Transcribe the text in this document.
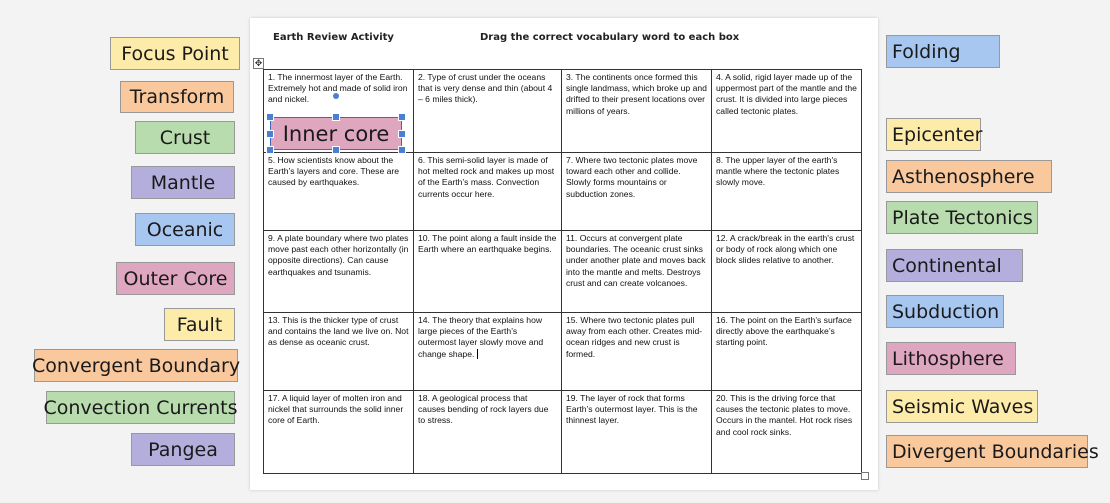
Earth Review Activity	Drag the correct vocabulary word to each box
✥
1. The innermost layer of the Earth. Extremely hot and made of solid iron and nickel.	2. Type of crust under the oceans that is very dense and thin (about 4 – 6 miles thick).	3. The continents once formed this single landmass, which broke up and drifted to their present locations over millions of years.	4. A solid, rigid layer made up of the uppermost part of the mantle and the crust. It is divided into large pieces called tectonic plates.
5. How scientists know about the Earth’s layers and core. These are caused by earthquakes.	6. This semi-solid layer is made of hot melted rock and makes up most of the Earth’s mass. Convection currents occur here.	7. Where two tectonic plates move toward each other and collide. Slowly forms mountains or subduction zones.	8. The upper layer of the earth's mantle where the tectonic plates slowly move.
9. A plate boundary where two plates move past each other horizontally (in opposite directions). Can cause earthquakes and tsunamis.	10. The point along a fault inside the Earth where an earthquake begins.	11. Occurs at convergent plate boundaries. The oceanic crust sinks under another plate and moves back into the mantle and melts. Destroys crust and can create volcanoes.	12. A crack/break in the earth's crust or body of rock along which one block slides relative to another.
13. This is the thicker type of crust and contains the land we live on. Not as dense as oceanic crust.	14. The theory that explains how large pieces of the Earth’s outermost layer slowly move and change shape.	15. Where two tectonic plates pull away from each other. Creates mid-ocean ridges and new crust is formed.	16. The point on the Earth’s surface directly above the earthquake’s starting point.
17. A liquid layer of molten iron and nickel that surrounds the solid inner core of Earth.	18. A geological process that causes bending of rock layers due to stress.	19. The layer of rock that forms Earth’s outermost layer. This is the thinnest layer.	20. This is the driving force that causes the tectonic plates to move. Occurs in the mantel. Hot rock rises and cool rock sinks.
Inner core
Focus Point
Transform
Crust
Mantle
Oceanic
Outer Core
Fault
Convergent Boundary
Convection Currents
Pangea
Folding
Epicenter
Asthenosphere
Plate Tectonics
Continental
Subduction
Lithosphere
Seismic Waves
Divergent Boundaries
